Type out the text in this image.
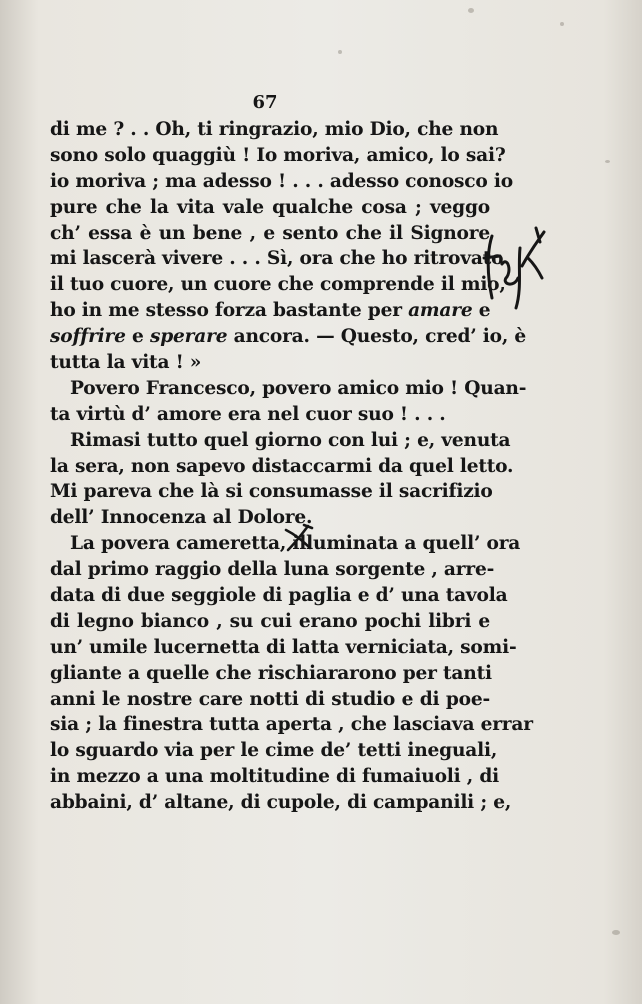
67
di me ? . . Oh, ti ringrazio, mio Dio, che non
sono solo quaggiù ! Io moriva, amico, lo sai?
io moriva ; ma adesso ! . . . adesso conosco io
pure che la vita vale qualche cosa ; veggo
ch’ essa è un bene , e sento che il Signore
mi lascerà vivere . . . Sì, ora che ho ritrovato
il tuo cuore, un cuore che comprende il mio,
ho in me stesso forza bastante per amare e
soffrire e sperare ancora. — Questo, cred’ io, è
tutta la vita ! »
Povero Francesco, povero amico mio ! Quan-
ta virtù d’ amore era nel cuor suo ! . . .
Rimasi tutto quel giorno con lui ; e, venuta
la sera, non sapevo distaccarmi da quel letto.
Mi pareva che là si consumasse il sacrifizio
dell’ Innocenza al Dolore.
La povera cameretta, illuminata a quell’ ora
dal primo raggio della luna sorgente , arre-
data di due seggiole di paglia e d’ una tavola
di legno bianco , su cui erano pochi libri e
un’ umile lucernetta di latta verniciata, somi-
gliante a quelle che rischiararono per tanti
anni le nostre care notti di studio e di poe-
sia ; la finestra tutta aperta , che lasciava errar
lo sguardo via per le cime de’ tetti ineguali,
in mezzo a una moltitudine di fumaiuoli , di
abbaini, d’ altane, di cupole, di campanili ; e,
